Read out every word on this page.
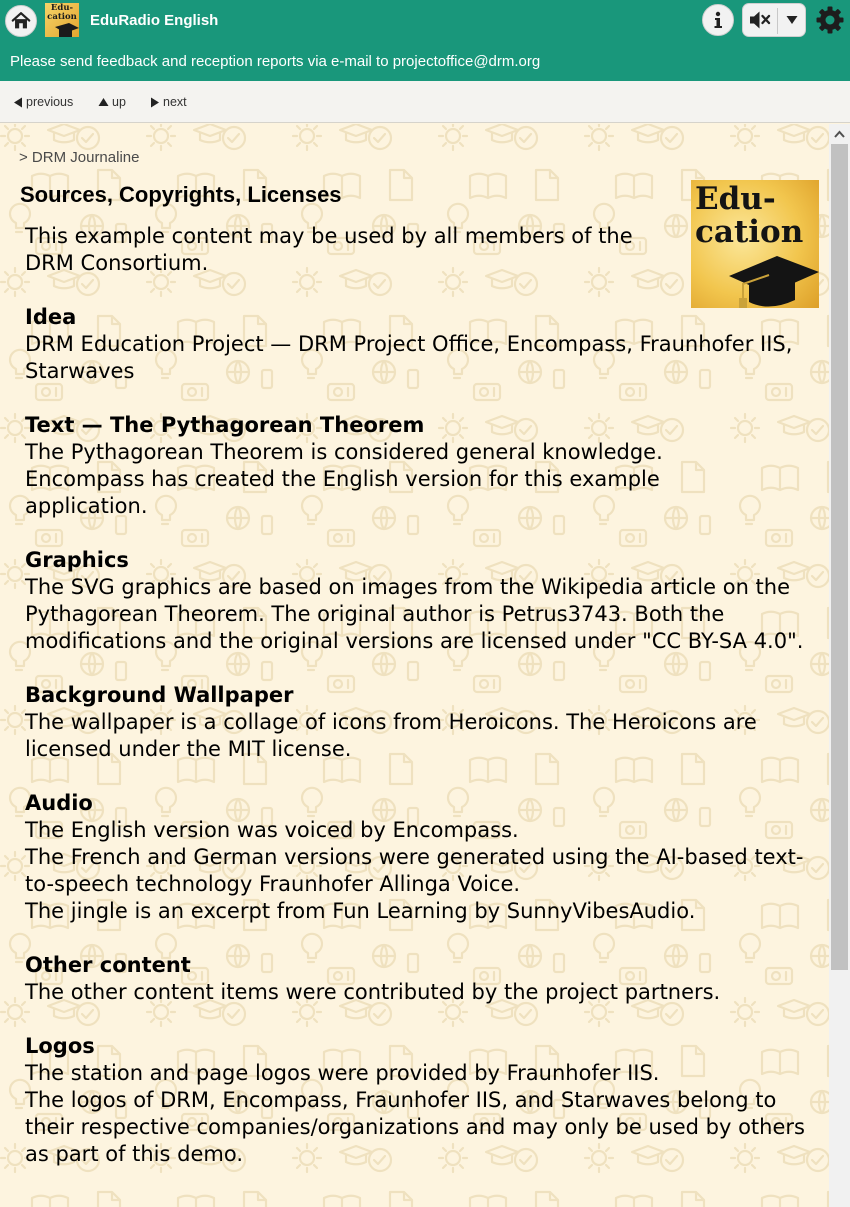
Edu-
cation EduRadio English
Please send feedback and reception reports via e-mail to projectoffice@drm.org
previous	up	next
> DRM Journaline
Sources, Copyrights, Licenses	Edu-
cation

This example content may be used by all members of the DRM Consortium.

Idea

DRM Education Project — DRM Project Office, Encompass, Fraunhofer IIS, Starwaves

Text — The Pythagorean Theorem

The Pythagorean Theorem is considered general knowledge. Encompass has created the English version for this example application.

Graphics

The SVG graphics are based on images from the Wikipedia article on the Pythagorean Theorem. The original author is Petrus3743. Both the modifications and the original versions are licensed under "CC BY-SA 4.0".

Background Wallpaper

The wallpaper is a collage of icons from Heroicons. The Heroicons are licensed under the MIT license.

Audio

The English version was voiced by Encompass.

The French and German versions were generated using the AI-based text-to-speech technology Fraunhofer Allinga Voice.

The jingle is an excerpt from Fun Learning by SunnyVibesAudio.

Other content

The other content items were contributed by the project partners.

Logos

The station and page logos were provided by Fraunhofer IIS.

The logos of DRM, Encompass, Fraunhofer IIS, and Starwaves belong to their respective companies/organizations and may only be used by others as part of this demo.
